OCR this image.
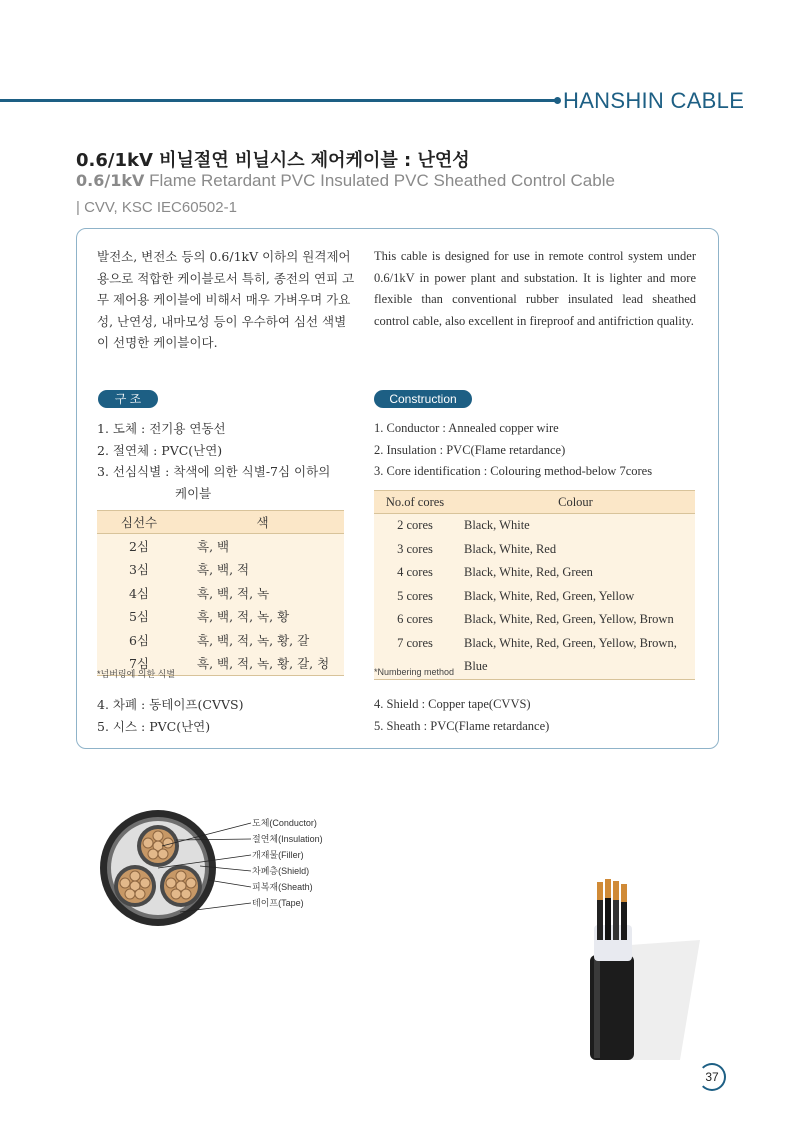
HANSHIN CABLE
0.6/1kV 비닐절연 비닐시스 제어케이블 : 난연성
0.6/1kV Flame Retardant PVC Insulated PVC Sheathed Control Cable
| CVV, KSC IEC60502-1
발전소, 변전소 등의 0.6/1kV 이하의 원격제어용으로 적합한 케이블로서 특히, 종전의 연피 고무 제어용 케이블에 비해서 매우 가벼우며 가요성, 난연성, 내마모성 등이 우수하여 심선 색별이 선명한 케이블이다.
This cable is designed for use in remote control system under 0.6/1kV in power plant and substation. It is lighter and more flexible than conventional rubber insulated lead sheathed control cable, also excellent in fireproof and antifriction quality.
구 조	Construction
1. 도체 : 전기용 연동선
2. 절연체 : PVC(난연)
3. 선심식별 : 착색에 의한 식별-7심 이하의
케이블
심선수	색
2심	흑, 백
3심	흑, 백, 적
4심	흑, 백, 적, 녹
5심	흑, 백, 적, 녹, 황
6심	흑, 백, 적, 녹, 황, 갈
7심	흑, 백, 적, 녹, 황, 갈, 청
*넘버링에 의한 식별
1. Conductor : Annealed copper wire
2. Insulation : PVC(Flame retardance)
3. Core identification : Colouring method-below 7cores
No.of cores	Colour
2 cores	Black, White
3 cores	Black, White, Red
4 cores	Black, White, Red, Green
5 cores	Black, White, Red, Green, Yellow
6 cores	Black, White, Red, Green, Yellow, Brown
7 cores	Black, White, Red, Green, Yellow, Brown,
	Blue
*Numbering method
4. 차폐 : 동테이프(CVVS)
5. 시스 : PVC(난연)
4. Shield : Copper tape(CVVS)
5. Sheath : PVC(Flame retardance)
도체(Conductor)
절연체(Insulation)
개재물(Filler)
차폐층(Shield)
피복재(Sheath)
테이프(Tape)
37
